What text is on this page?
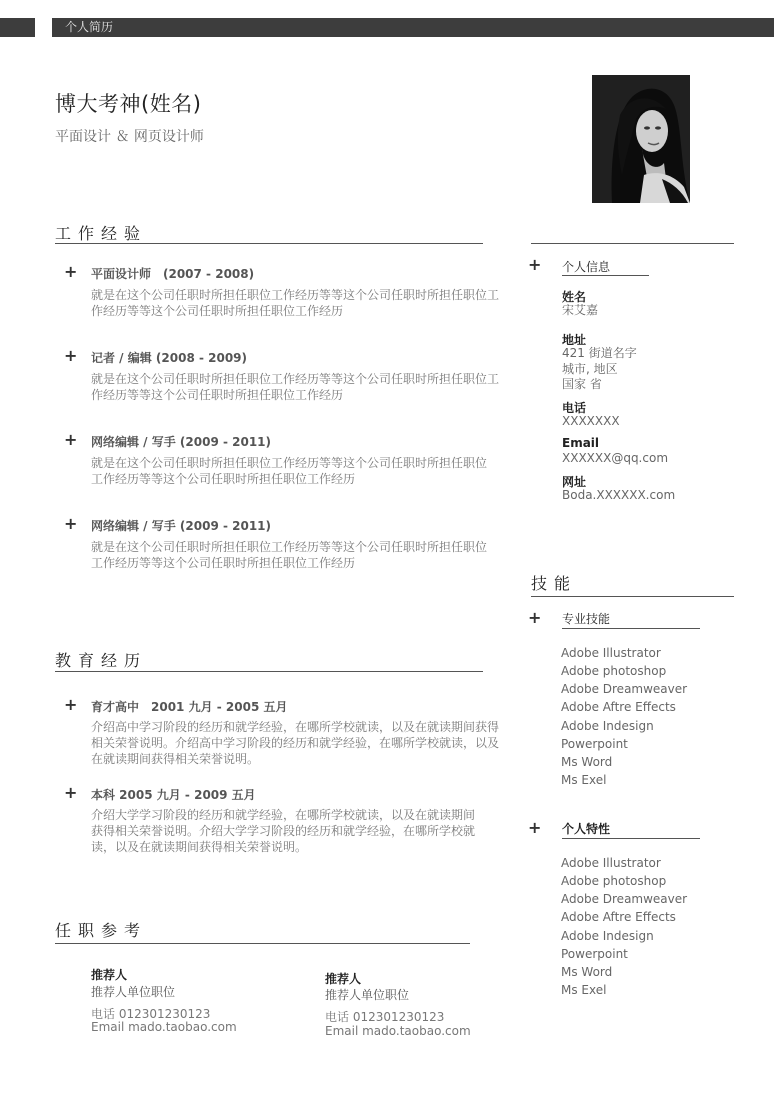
个人简历
博大考神(姓名)
平面设计 ＆ 网页设计师
工作经验
+ 平面设计师　(2007 - 2008)
就是在这个公司任职时所担任职位工作经历等等这个公司任职时所担任职位工
作经历等等这个公司任职时所担任职位工作经历
+ 记者 / 编辑 (2008 - 2009)
就是在这个公司任职时所担任职位工作经历等等这个公司任职时所担任职位工
作经历等等这个公司任职时所担任职位工作经历
+ 网络编辑 / 写手 (2009 - 2011)
就是在这个公司任职时所担任职位工作经历等等这个公司任职时所担任职位
工作经历等等这个公司任职时所担任职位工作经历
+ 网络编辑 / 写手 (2009 - 2011)
就是在这个公司任职时所担任职位工作经历等等这个公司任职时所担任职位
工作经历等等这个公司任职时所担任职位工作经历
教育经历
+ 育才高中　2001 九月 - 2005 五月
介绍高中学习阶段的经历和就学经验，在哪所学校就读，以及在就读期间获得
相关荣誉说明。介绍高中学习阶段的经历和就学经验，在哪所学校就读，以及
在就读期间获得相关荣誉说明。
+ 本科 2005 九月 - 2009 五月
介绍大学学习阶段的经历和就学经验，在哪所学校就读，以及在就读期间
获得相关荣誉说明。介绍大学学习阶段的经历和就学经验，在哪所学校就
读，以及在就读期间获得相关荣誉说明。
任职参考
推荐人
推荐人单位职位
电话 012301230123
Email mado.taobao.com
推荐人
推荐人单位职位
电话 012301230123
Email mado.taobao.com
+ 个人信息
姓名
宋艾嘉
地址
421 街道名字
城市, 地区
国家 省
电话
XXXXXXX
Email
XXXXXX@qq.com
网址
Boda.XXXXXX.com
技能
+ 专业技能
Adobe Illustrator
Adobe photoshop
Adobe Dreamweaver
Adobe Aftre Effects
Adobe Indesign
Powerpoint
Ms Word
Ms Exel
+ 个人特性
Adobe Illustrator
Adobe photoshop
Adobe Dreamweaver
Adobe Aftre Effects
Adobe Indesign
Powerpoint
Ms Word
Ms Exel
